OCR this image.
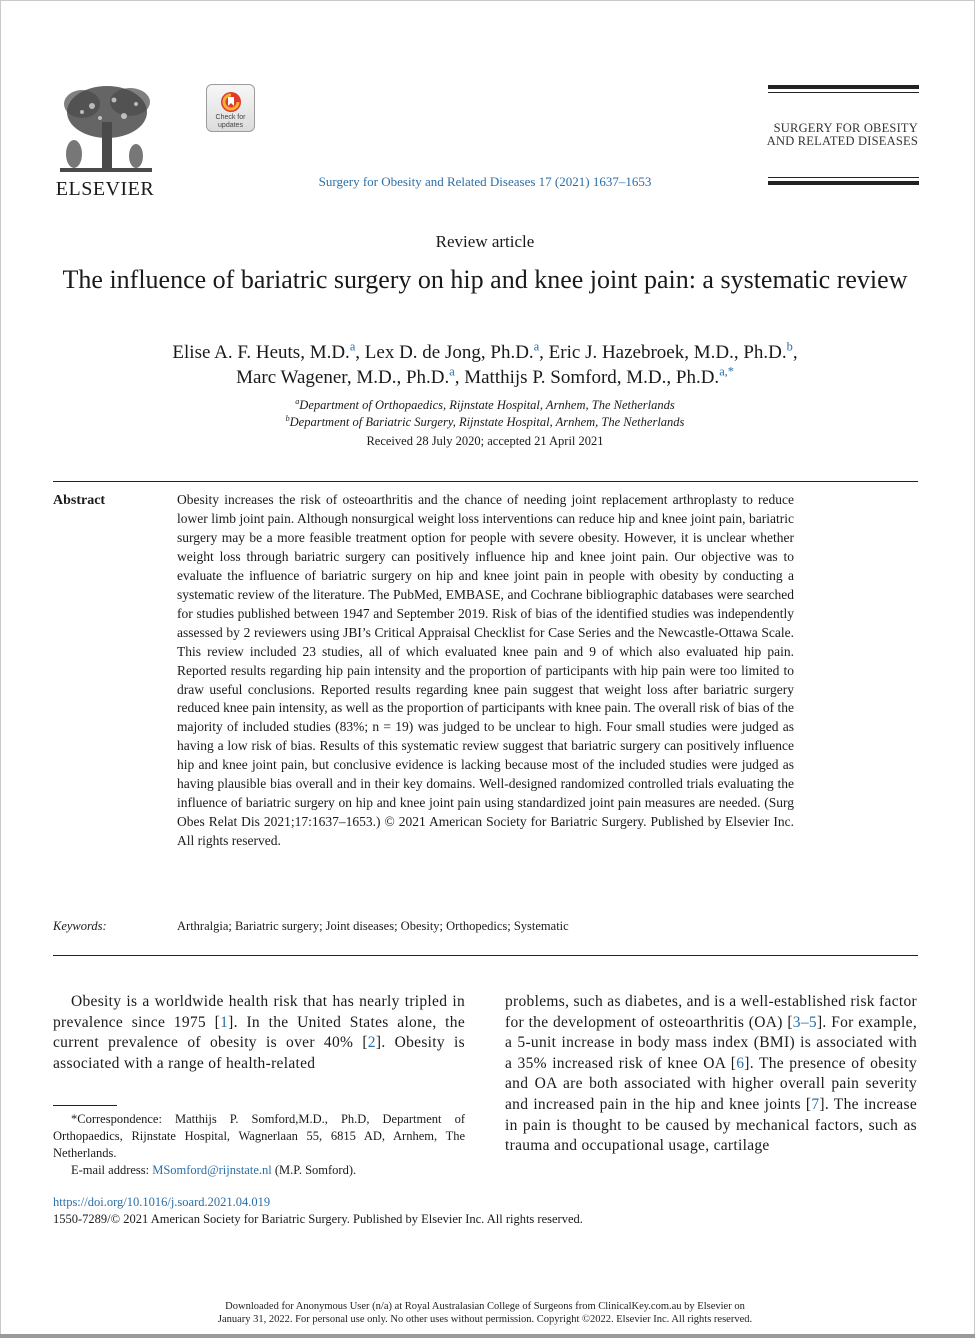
ELSEVIER
Check for
updates
Surgery for Obesity and Related Diseases 17 (2021) 1637–1653
SURGERY FOR OBESITY
AND RELATED DISEASES
Review article
The influence of bariatric surgery on hip and knee joint pain: a systematic review
Elise A. F. Heuts, M.D.$^a$, Lex D. de Jong, Ph.D.$^a$, Eric J. Hazebroek, M.D., Ph.D.$^b$,
Marc Wagener, M.D., Ph.D.$^a$, Matthijs P. Somford, M.D., Ph.D.$^{a,*}$
$^a$Department of Orthopaedics, Rijnstate Hospital, Arnhem, The Netherlands
$^b$Department of Bariatric Surgery, Rijnstate Hospital, Arnhem, The Netherlands
Received 28 July 2020; accepted 21 April 2021
Abstract	Obesity increases the risk of osteoarthritis and the chance of needing joint replacement arthroplasty to reduce lower limb joint pain. Although nonsurgical weight loss interventions can reduce hip and knee joint pain, bariatric surgery may be a more feasible treatment option for people with severe obesity. However, it is unclear whether weight loss through bariatric surgery can positively influence hip and knee joint pain. Our objective was to evaluate the influence of bariatric surgery on hip and knee joint pain in people with obesity by conducting a systematic review of the literature. The PubMed, EMBASE, and Cochrane bibliographic databases were searched for studies published between 1947 and September 2019. Risk of bias of the identified studies was independently assessed by 2 reviewers using JBI’s Critical Appraisal Checklist for Case Series and the Newcastle-Ottawa Scale. This review included 23 studies, all of which evaluated knee pain and 9 of which also evaluated hip pain. Reported results regarding hip pain intensity and the proportion of participants with hip pain were too limited to draw useful conclusions. Reported results regarding knee pain suggest that weight loss after bariatric surgery reduced knee pain intensity, as well as the proportion of participants with knee pain. The overall risk of bias of the majority of included studies (83%; n = 19) was judged to be unclear to high. Four small studies were judged as having a low risk of bias. Results of this systematic review suggest that bariatric surgery can positively influence hip and knee joint pain, but conclusive evidence is lacking because most of the included studies were judged as having plausible bias overall and in their key domains. Well-designed randomized controlled trials evaluating the influence of bariatric surgery on hip and knee joint pain using standardized joint pain measures are needed. (Surg Obes Relat Dis 2021;17:1637–1653.) © 2021 American Society for Bariatric Surgery. Published by Elsevier Inc. All rights reserved.
Keywords:	Arthralgia; Bariatric surgery; Joint diseases; Obesity; Orthopedics; Systematic

Obesity is a worldwide health risk that has nearly tripled in prevalence since 1975 [1]. In the United States alone, the current prevalence of obesity is over 40% [2]. Obesity is associated with a range of health-related

problems, such as diabetes, and is a well-established risk factor for the development of osteoarthritis (OA) [3–5]. For example, a 5-unit increase in body mass index (BMI) is associated with a 35% increased risk of knee OA [6]. The presence of obesity and OA are both associated with higher overall pain severity and increased pain in the hip and knee joints [7]. The increase in pain is thought to be caused by mechanical factors, such as trauma and occupational usage, cartilage

*Correspondence: Matthijs P. Somford,M.D., Ph.D, Department of Orthopaedics, Rijnstate Hospital, Wagnerlaan 55, 6815 AD, Arnhem, The Netherlands.

E-mail address: MSomford@rijnstate.nl (M.P. Somford).

https://doi.org/10.1016/j.soard.2021.04.019
1550-7289/© 2021 American Society for Bariatric Surgery. Published by Elsevier Inc. All rights reserved.
Downloaded for Anonymous User (n/a) at Royal Australasian College of Surgeons from ClinicalKey.com.au by Elsevier on
January 31, 2022. For personal use only. No other uses without permission. Copyright ©2022. Elsevier Inc. All rights reserved.
